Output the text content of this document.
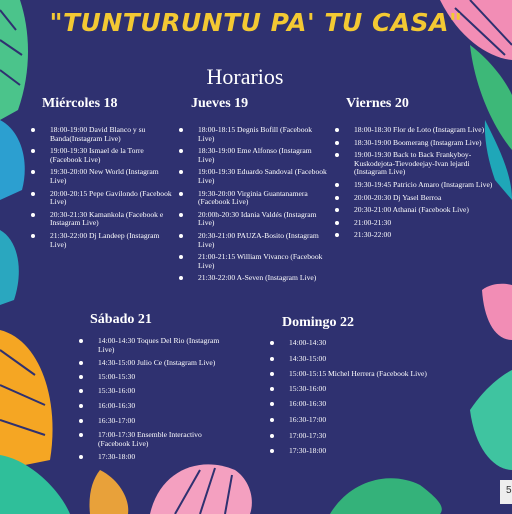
"TUNTURUNTU PA' TU CASA"
Horarios
Miércoles 18
18:00-19:00 David Blanco y su Banda(Instagram Live)
19:00-19:30 Ismael de la Torre (Facebook Live)
19:30-20:00 New World (Instagram Live)
20:00-20:15 Pepe Gavilondo (Facebook Live)
20:30-21:30 Kamankola (Facebook e Instagram Live)
21:30-22:00 Dj Landeep (Instagram Live)
Jueves 19
18:00-18:15 Degnis Bofill (Facebook Live)
18:30-19:00 Eme Alfonso (Instagram Live)
19:00-19:30 Eduardo Sandoval (Facebook Live)
19:30-20:00 Virginia Guantanamera (Facebook Live)
20:00h-20:30 Idania Valdés (Instagram Live)
20:30-21:00 PAUZA-Bosito (Instagram Live)
21:00-21:15 William Vivanco (Facebook Live)
21:30-22:00 A-Seven (Instagram Live)
Viernes 20
18:00-18:30 Flor de Loto (Instagram Live)
18:30-19:00 Boomerang (Instagram Live)
19:00-19:30 Back to Back Frankyboy-Kuskodejota-Tievodeejay-Ivan lejardi (Instagram Live)
19:30-19:45 Patricio Amaro (Instagram Live)
20:00-20:30 Dj Yasel Berroa
20:30-21:00 Athanai (Facebook Live)
21:00-21:30
21:30-22:00
Sábado 21
14:00-14:30 Toques Del Rio (Instagram Live)
14:30-15:00 Julio Ce (Instagram Live)
15:00-15:30
15:30-16:00
16:00-16:30
16:30-17:00
17:00-17:30 Ensemble Interactivo (Facebook Live)
17:30-18:00
Domingo 22
14:00-14:30
14:30-15:00
15:00-15:15 Michel Herrera (Facebook Live)
15:30-16:00
16:00-16:30
16:30-17:00
17:00-17:30
17:30-18:00
5
